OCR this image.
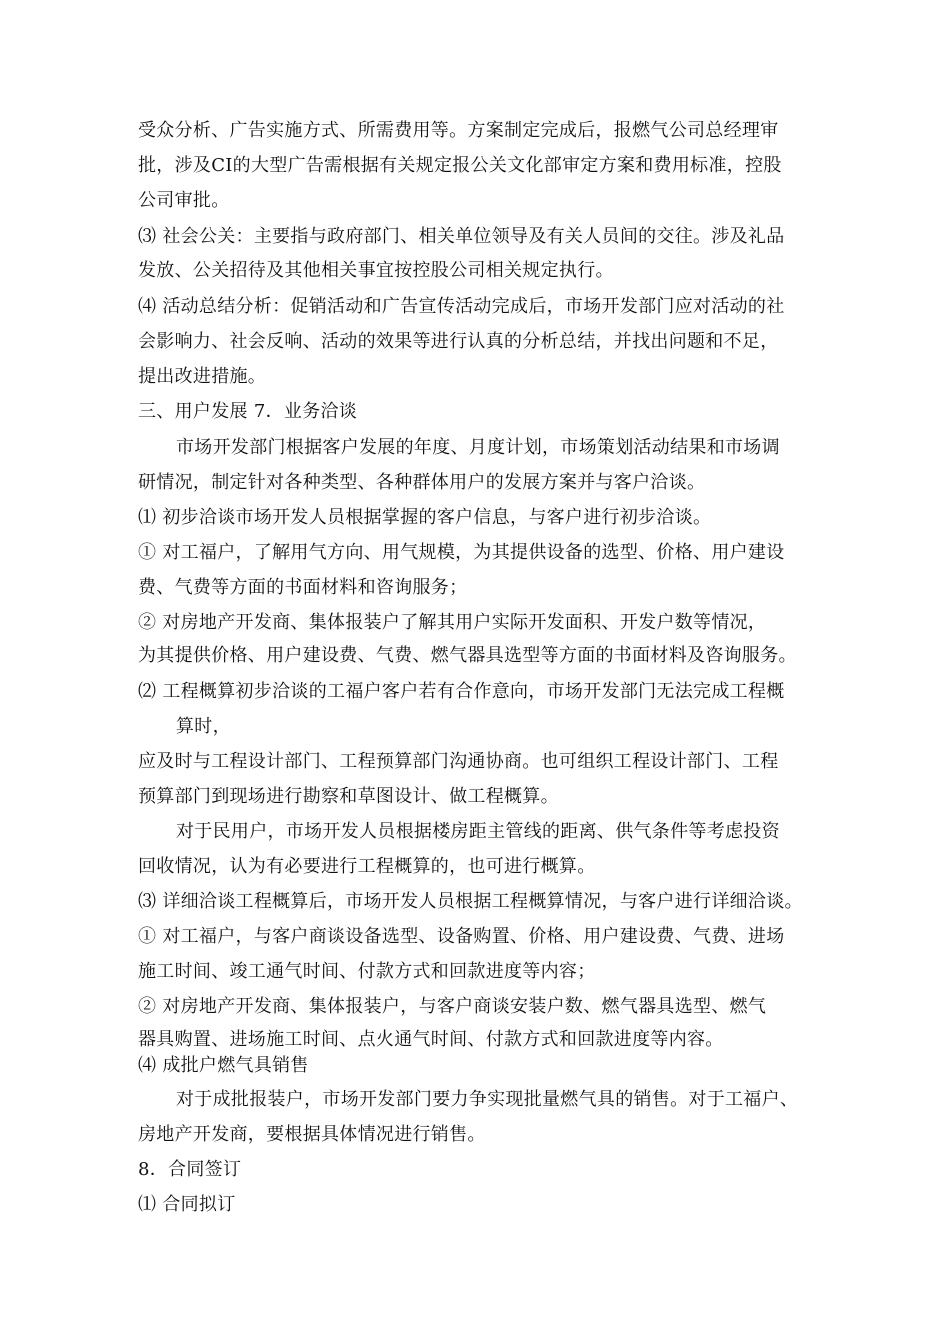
受众分析、广告实施方式、所需费用等。方案制定完成后，报燃气公司总经理审
批，涉及CI的大型广告需根据有关规定报公关文化部审定方案和费用标准，控股
公司审批。
⑶ 社会公关：主要指与政府部门、相关单位领导及有关人员间的交往。涉及礼品
发放、公关招待及其他相关事宜按控股公司相关规定执行。
⑷ 活动总结分析：促销活动和广告宣传活动完成后，市场开发部门应对活动的社
会影响力、社会反响、活动的效果等进行认真的分析总结，并找出问题和不足，
提出改进措施。
三、用户发展 7．业务洽谈
市场开发部门根据客户发展的年度、月度计划，市场策划活动结果和市场调
研情况，制定针对各种类型、各种群体用户的发展方案并与客户洽谈。
⑴ 初步洽谈市场开发人员根据掌握的客户信息，与客户进行初步洽谈。
① 对工福户，了解用气方向、用气规模，为其提供设备的选型、价格、用户建设
费、气费等方面的书面材料和咨询服务；
② 对房地产开发商、集体报装户了解其用户实际开发面积、开发户数等情况，
为其提供价格、用户建设费、气费、燃气器具选型等方面的书面材料及咨询服务。
⑵ 工程概算初步洽谈的工福户客户若有合作意向，市场开发部门无法完成工程概
算时，
应及时与工程设计部门、工程预算部门沟通协商。也可组织工程设计部门、工程
预算部门到现场进行勘察和草图设计、做工程概算。
对于民用户，市场开发人员根据楼房距主管线的距离、供气条件等考虑投资
回收情况，认为有必要进行工程概算的，也可进行概算。
⑶ 详细洽谈工程概算后，市场开发人员根据工程概算情况，与客户进行详细洽谈。
① 对工福户，与客户商谈设备选型、设备购置、价格、用户建设费、气费、进场
施工时间、竣工通气时间、付款方式和回款进度等内容；
② 对房地产开发商、集体报装户，与客户商谈安装户数、燃气器具选型、燃气
器具购置、进场施工时间、点火通气时间、付款方式和回款进度等内容。
⑷ 成批户燃气具销售
对于成批报装户，市场开发部门要力争实现批量燃气具的销售。对于工福户、
房地产开发商，要根据具体情况进行销售。
8．合同签订
⑴ 合同拟订
